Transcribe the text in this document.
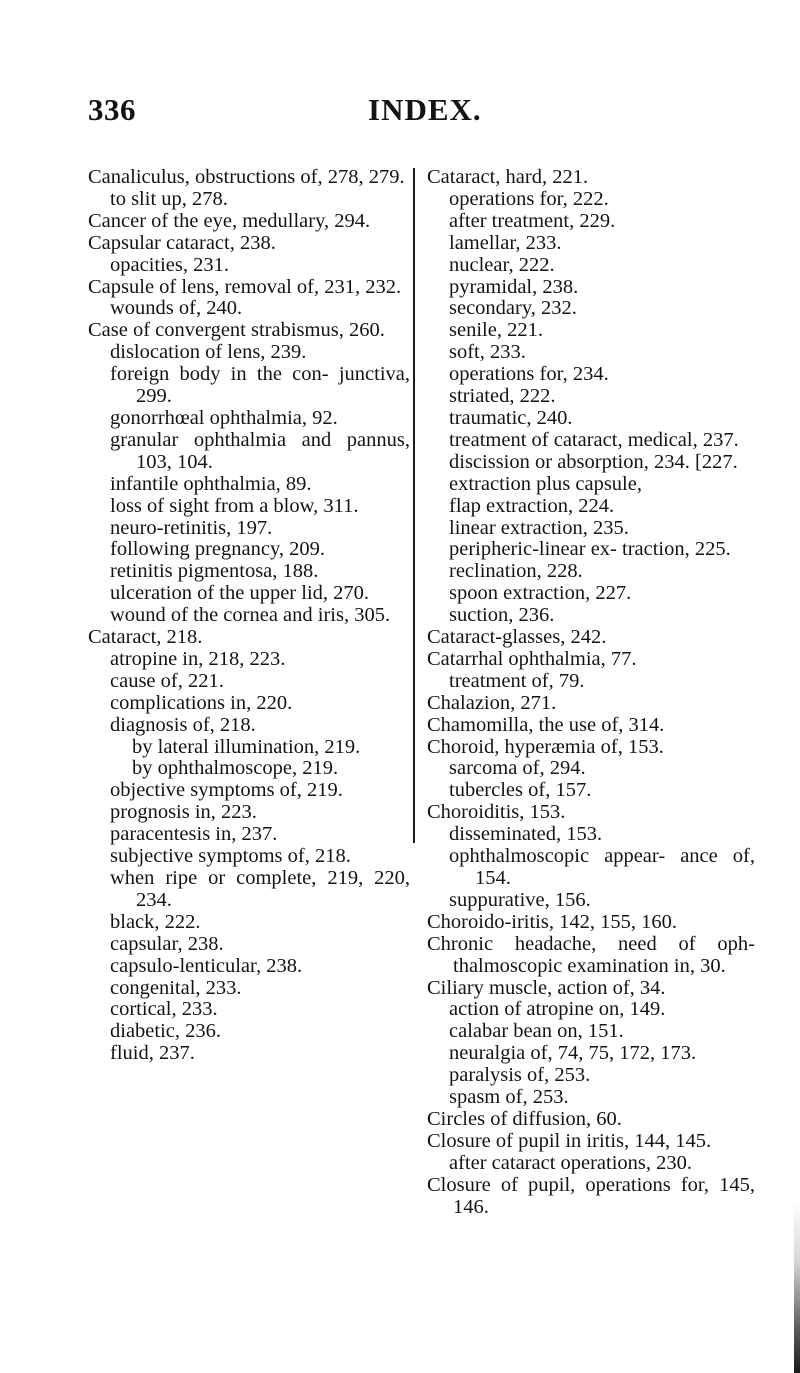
336	INDEX.
Canaliculus, obstructions of, 278, 279.
to slit up, 278.
Cancer of the eye, medullary, 294.
Capsular cataract, 238.
opacities, 231.
Capsule of lens, removal of, 231, 232.
wounds of, 240.
Case of convergent strabismus, 260.
dislocation of lens, 239.
foreign body in the con- junctiva, 299.
gonorrhœal ophthalmia, 92.
granular ophthalmia and pannus, 103, 104.
infantile ophthalmia, 89.
loss of sight from a blow, 311.
neuro-retinitis, 197.
following pregnancy, 209.
retinitis pigmentosa, 188.
ulceration of the upper lid, 270.
wound of the cornea and iris, 305.
Cataract, 218.
atropine in, 218, 223.
cause of, 221.
complications in, 220.
diagnosis of, 218.
by lateral illumination, 219.
by ophthalmoscope, 219.
objective symptoms of, 219.
prognosis in, 223.
paracentesis in, 237.
subjective symptoms of, 218.
when ripe or complete, 219, 220, 234.
black, 222.
capsular, 238.
capsulo-lenticular, 238.
congenital, 233.
cortical, 233.
diabetic, 236.
fluid, 237.
Cataract, hard, 221.
operations for, 222.
after treatment, 229.
lamellar, 233.
nuclear, 222.
pyramidal, 238.
secondary, 232.
senile, 221.
soft, 233.
operations for, 234.
striated, 222.
traumatic, 240.
treatment of cataract, medical, 237.
discission or absorption, 234. [227.
extraction plus capsule,
flap extraction, 224.
linear extraction, 235.
peripheric-linear ex- traction, 225.
reclination, 228.
spoon extraction, 227.
suction, 236.
Cataract-glasses, 242.
Catarrhal ophthalmia, 77.
treatment of, 79.
Chalazion, 271.
Chamomilla, the use of, 314.
Choroid, hyperæmia of, 153.
sarcoma of, 294.
tubercles of, 157.
Choroiditis, 153.
disseminated, 153.
ophthalmoscopic appear- ance of, 154.
suppurative, 156.
Choroido-iritis, 142, 155, 160.
Chronic headache, need of oph- thalmoscopic examination in, 30.
Ciliary muscle, action of, 34.
action of atropine on, 149.
calabar bean on, 151.
neuralgia of, 74, 75, 172, 173.
paralysis of, 253.
spasm of, 253.
Circles of diffusion, 60.
Closure of pupil in iritis, 144, 145.
after cataract operations, 230.
Closure of pupil, operations for, 145, 146.
